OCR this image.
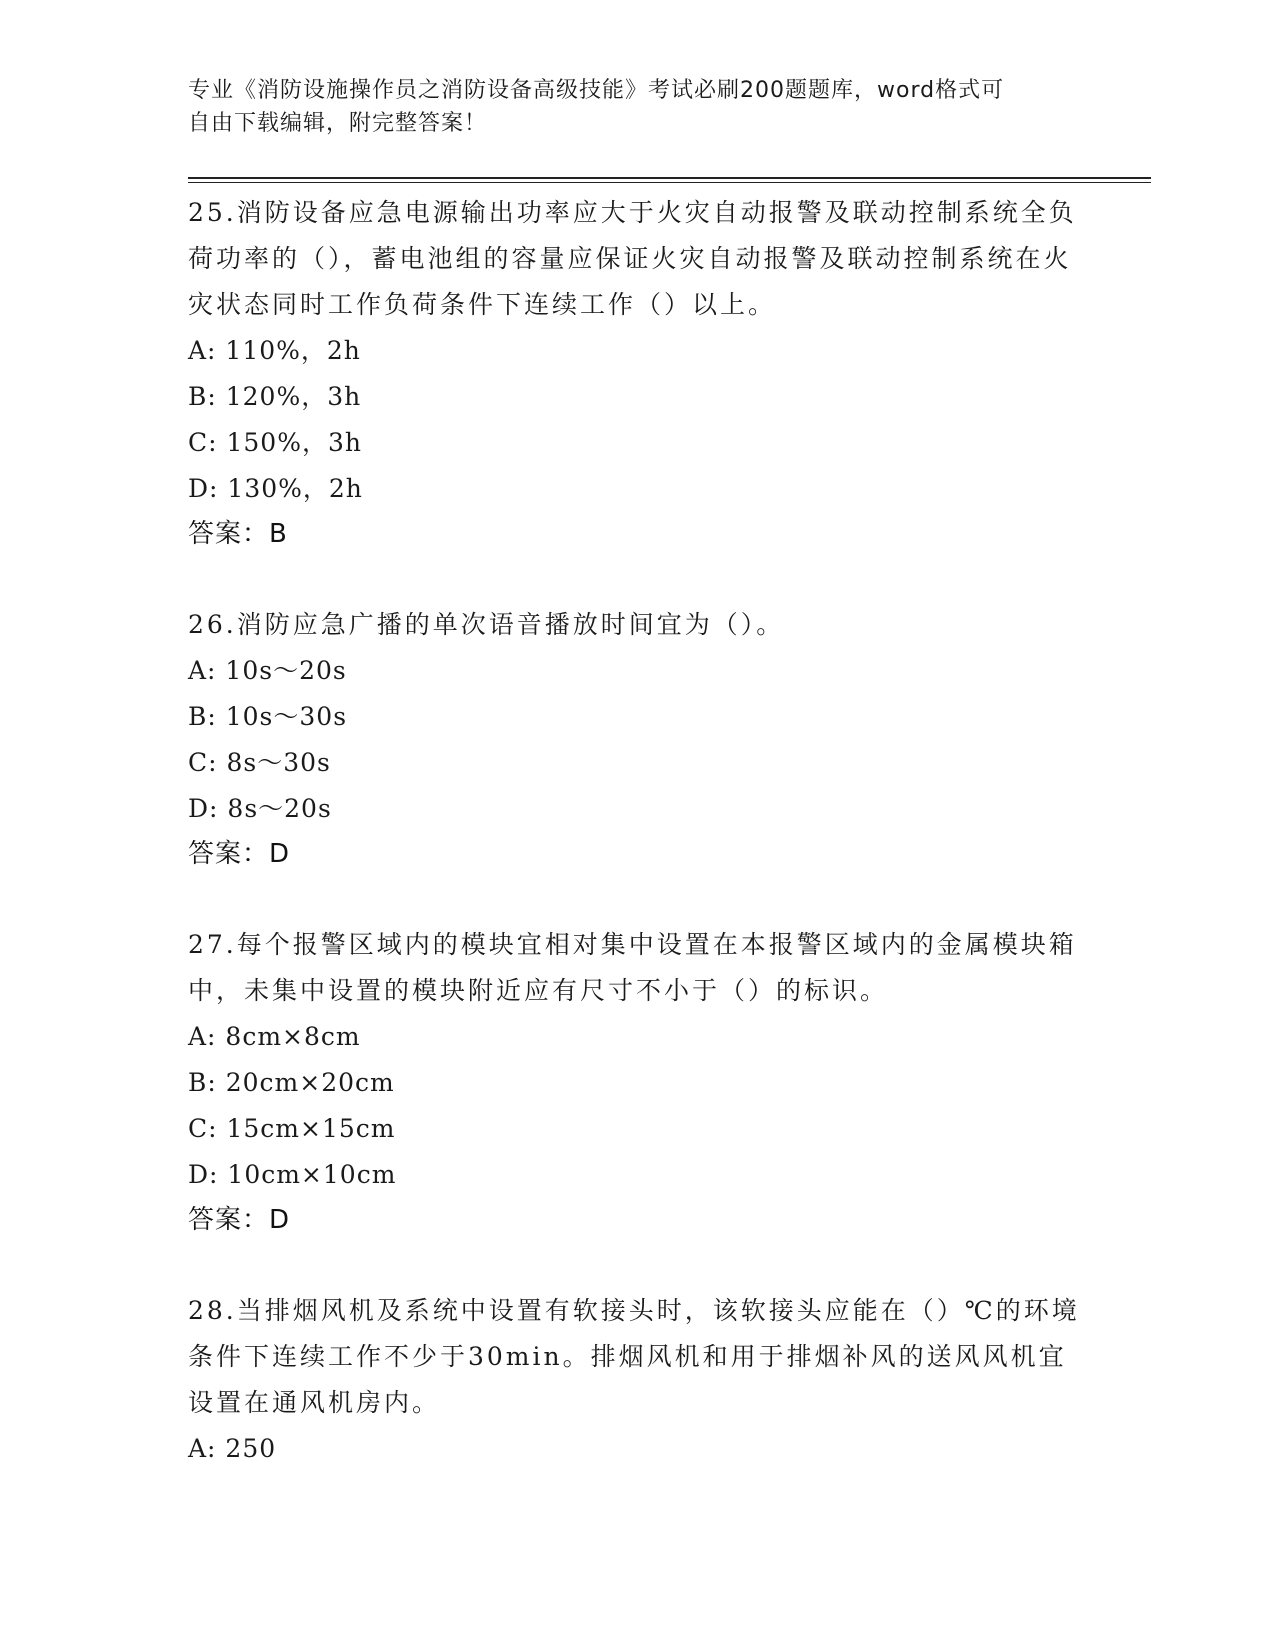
专业《消防设施操作员之消防设备高级技能》考试必刷200题题库，word格式可
自由下载编辑，附完整答案！
25.消防设备应急电源输出功率应大于火灾自动报警及联动控制系统全负荷功率的（），蓄电池组的容量应保证火灾自动报警及联动控制系统在火灾状态同时工作负荷条件下连续工作（）以上。
A: 110%，2h
B: 120%，3h
C: 150%，3h
D: 130%，2h
答案：B
26.消防应急广播的单次语音播放时间宜为（）。
A: 10s～20s
B: 10s～30s
C: 8s～30s
D: 8s～20s
答案：D
27.每个报警区域内的模块宜相对集中设置在本报警区域内的金属模块箱中，未集中设置的模块附近应有尺寸不小于（）的标识。
A: 8cm×8cm
B: 20cm×20cm
C: 15cm×15cm
D: 10cm×10cm
答案：D
28.当排烟风机及系统中设置有软接头时，该软接头应能在（）℃的环境条件下连续工作不少于30min。排烟风机和用于排烟补风的送风风机宜设置在通风机房内。
A: 250
